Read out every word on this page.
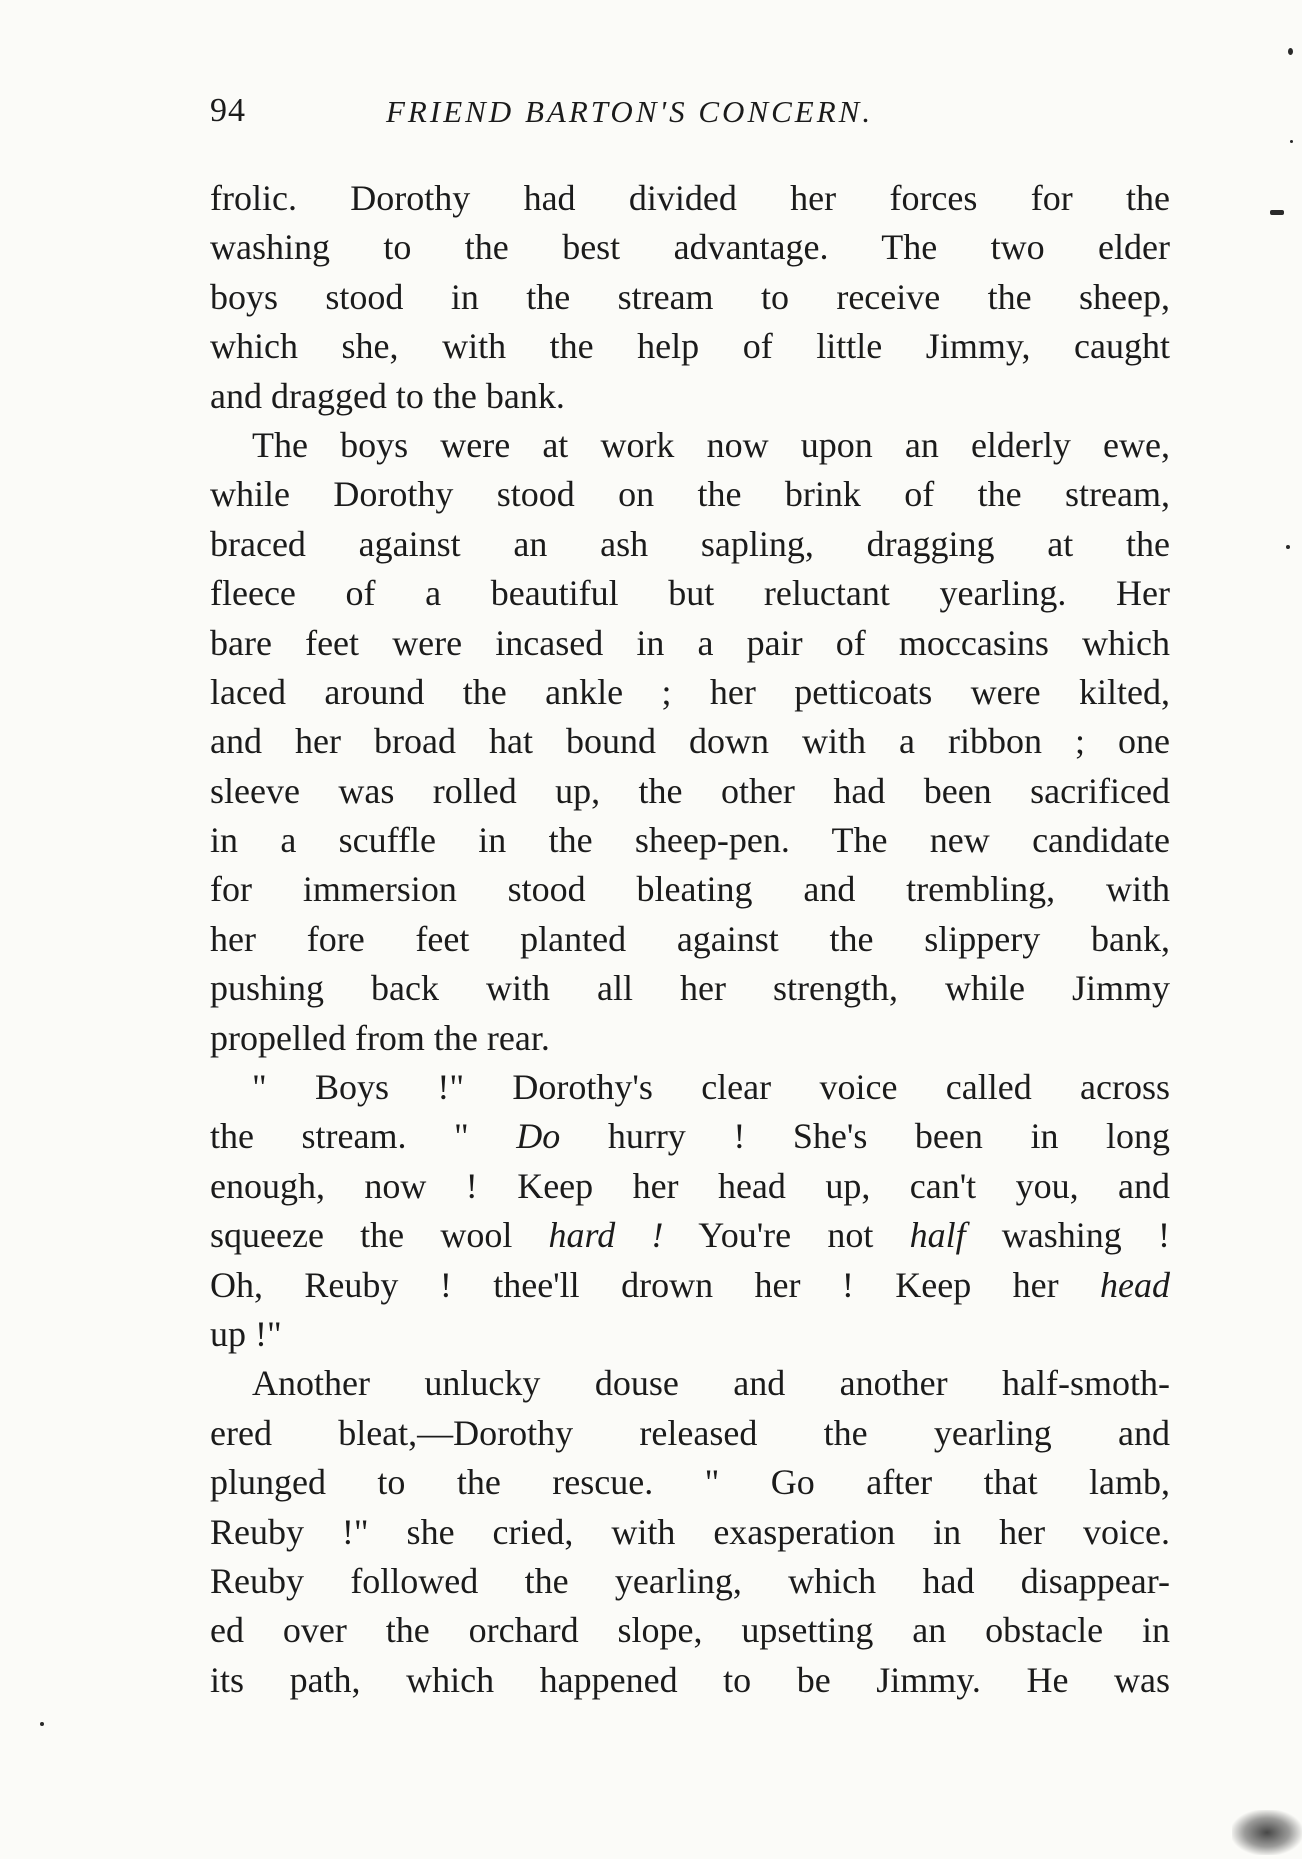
94	FRIEND BARTON'S CONCERN.
frolic. Dorothy had divided her forces for the
washing to the best advantage. The two elder
boys stood in the stream to receive the sheep,
which she, with the help of little Jimmy, caught
and dragged to the bank.
The boys were at work now upon an elderly ewe,
while Dorothy stood on the brink of the stream,
braced against an ash sapling, dragging at the
fleece of a beautiful but reluctant yearling. Her
bare feet were incased in a pair of moccasins which
laced around the ankle ; her petticoats were kilted,
and her broad hat bound down with a ribbon ; one
sleeve was rolled up, the other had been sacrificed
in a scuffle in the sheep-pen. The new candidate
for immersion stood bleating and trembling, with
her fore feet planted against the slippery bank,
pushing back with all her strength, while Jimmy
propelled from the rear.
" Boys !" Dorothy's clear voice called across
the stream. " Do hurry ! She's been in long
enough, now ! Keep her head up, can't you, and
squeeze the wool hard ! You're not half washing !
Oh, Reuby ! thee'll drown her ! Keep her head
up !"
Another unlucky douse and another half-smoth-
ered bleat,—Dorothy released the yearling and
plunged to the rescue. " Go after that lamb,
Reuby !" she cried, with exasperation in her voice.
Reuby followed the yearling, which had disappear-
ed over the orchard slope, upsetting an obstacle in
its path, which happened to be Jimmy. He was
